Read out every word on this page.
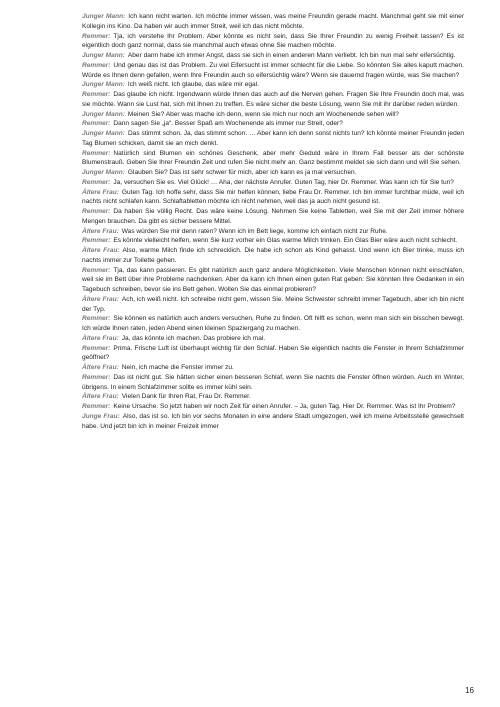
Junger Mann: Ich kann nicht warten. Ich möchte immer wissen, was meine Freundin gerade macht. Manchmal geht sie mit einer Kollegin ins Kino. Da haben wir auch immer Streit, weil ich das nicht möchte.

Remmer: Tja, ich verstehe Ihr Problem. Aber könnte es nicht sein, dass Sie Ihrer Freundin zu wenig Freiheit lassen? Es ist eigentlich doch ganz normal, dass sie manchmal auch etwas ohne Sie machen möchte.

Junger Mann: Aber dann habe ich immer Angst, dass sie sich in einen anderen Mann verliebt. Ich bin nun mal sehr eifersüchtig.

Remmer: Und genau das ist das Problem. Zu viel Eifersucht ist immer schlecht für die Liebe. So könnten Sie alles kaputt machen. Würde es Ihnen denn gefallen, wenn Ihre Freundin auch so eifersüchtig wäre? Wenn sie dauernd fragen würde, was Sie machen?

Junger Mann: Ich weiß nicht. Ich glaube, das wäre mir egal.

Remmer: Das glaube ich nicht. Irgendwann würde Ihnen das auch auf die Nerven gehen. Fragen Sie Ihre Freundin doch mal, was sie möchte. Wann sie Lust hat, sich mit Ihnen zu treffen. Es wäre sicher die beste Lösung, wenn Sie mit ihr darüber reden würden.

Junger Mann: Meinen Sie? Aber was mache ich denn, wenn sie mich nur noch am Wochenende sehen will?

Remmer: Dann sagen Sie „ja“. Besser Spaß am Wochenende als immer nur Streit, oder?

Junger Mann: Das stimmt schon. Ja, das stimmt schon. … Aber kann ich denn sonst nichts tun? Ich könnte meiner Freundin jeden Tag Blumen schicken, damit sie an mich denkt.

Remmer: Natürlich sind Blumen ein schönes Geschenk, aber mehr Geduld wäre in Ihrem Fall besser als der schönste Blumenstrauß. Geben Sie Ihrer Freundin Zeit und rufen Sie nicht mehr an. Ganz bestimmt meldet sie sich dann und will Sie sehen.

Junger Mann: Glauben Sie? Das ist sehr schwer für mich, aber ich kann es ja mal versuchen.

Remmer: Ja, versuchen Sie es. Viel Glück! … Aha, der nächste Anrufer. Guten Tag, hier Dr. Remmer. Was kann ich für Sie tun?

Ältere Frau: Guten Tag. Ich hoffe sehr, dass Sie mir helfen können, liebe Frau Dr. Remmer. Ich bin immer furchtbar müde, weil ich nachts nicht schlafen kann. Schlaftabletten möchte ich nicht nehmen, weil das ja auch nicht gesund ist.

Remmer: Da haben Sie völlig Recht. Das wäre keine Lösung. Nehmen Sie keine Tabletten, weil Sie mit der Zeit immer höhere Mengen brauchen. Da gibt es sicher bessere Mittel.

Ältere Frau: Was würden Sie mir denn raten? Wenn ich im Bett liege, komme ich einfach nicht zur Ruhe.

Remmer: Es könnte vielleicht helfen, wenn Sie kurz vorher ein Glas warme Milch trinken. Ein Glas Bier wäre auch nicht schlecht.

Ältere Frau: Also, warme Milch finde ich schrecklich. Die habe ich schon als Kind gehasst. Und wenn ich Bier trinke, muss ich nachts immer zur Toilette gehen.

Remmer: Tja, das kann passieren. Es gibt natürlich auch ganz andere Möglichkeiten. Viele Menschen können nicht einschlafen, weil sie im Bett über ihre Probleme nachdenken. Aber da kann ich Ihnen einen guten Rat geben: Sie könnten Ihre Gedanken in ein Tagebuch schreiben, bevor sie ins Bett gehen. Wollen Sie das einmal probieren?

Ältere Frau: Ach, ich weiß nicht. Ich schreibe nicht gern, wissen Sie. Meine Schwester schreibt immer Tagebuch, aber ich bin nicht der Typ.

Remmer: Sie können es natürlich auch anders versuchen, Ruhe zu finden. Oft hilft es schon, wenn man sich ein bisschen bewegt. Ich würde Ihnen raten, jeden Abend einen kleinen Spaziergang zu machen.

Ältere Frau: Ja, das könnte ich machen. Das probiere ich mal.

Remmer: Prima. Frische Luft ist überhaupt wichtig für den Schlaf. Haben Sie eigentlich nachts die Fenster in Ihrem Schlafzimmer geöffnet?

Ältere Frau: Nein, ich mache die Fenster immer zu.

Remmer: Das ist nicht gut. Sie hätten sicher einen besseren Schlaf, wenn Sie nachts die Fenster öffnen würden. Auch im Winter, übrigens. In einem Schlafzimmer sollte es immer kühl sein.

Ältere Frau: Vielen Dank für Ihren Rat, Frau Dr. Remmer.

Remmer: Keine Ursache. So jetzt haben wir noch Zeit für einen Anrufer. – Ja, guten Tag. Hier Dr. Remmer. Was ist Ihr Problem?

Junge Frau: Also, das ist so. Ich bin vor sechs Monaten in eine andere Stadt umgezogen, weil ich meine Arbeitsstelle gewechselt habe. Und jetzt bin ich in meiner Freizeit immer

16
